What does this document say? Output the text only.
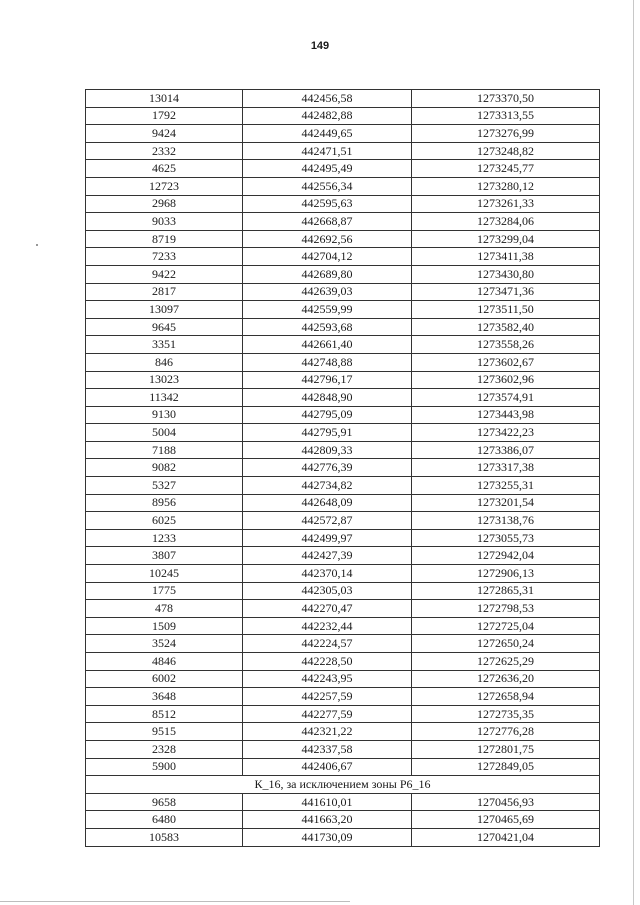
149
13014	442456,58	1273370,50
1792	442482,88	1273313,55
9424	442449,65	1273276,99
2332	442471,51	1273248,82
4625	442495,49	1273245,77
12723	442556,34	1273280,12
2968	442595,63	1273261,33
9033	442668,87	1273284,06
8719	442692,56	1273299,04
7233	442704,12	1273411,38
9422	442689,80	1273430,80
2817	442639,03	1273471,36
13097	442559,99	1273511,50
9645	442593,68	1273582,40
3351	442661,40	1273558,26
846	442748,88	1273602,67
13023	442796,17	1273602,96
11342	442848,90	1273574,91
9130	442795,09	1273443,98
5004	442795,91	1273422,23
7188	442809,33	1273386,07
9082	442776,39	1273317,38
5327	442734,82	1273255,31
8956	442648,09	1273201,54
6025	442572,87	1273138,76
1233	442499,97	1273055,73
3807	442427,39	1272942,04
10245	442370,14	1272906,13
1775	442305,03	1272865,31
478	442270,47	1272798,53
1509	442232,44	1272725,04
3524	442224,57	1272650,24
4846	442228,50	1272625,29
6002	442243,95	1272636,20
3648	442257,59	1272658,94
8512	442277,59	1272735,35
9515	442321,22	1272776,28
2328	442337,58	1272801,75
5900	442406,67	1272849,05
К_16, за исключением зоны Р6_16		
9658	441610,01	1270456,93
6480	441663,20	1270465,69
10583	441730,09	1270421,04
